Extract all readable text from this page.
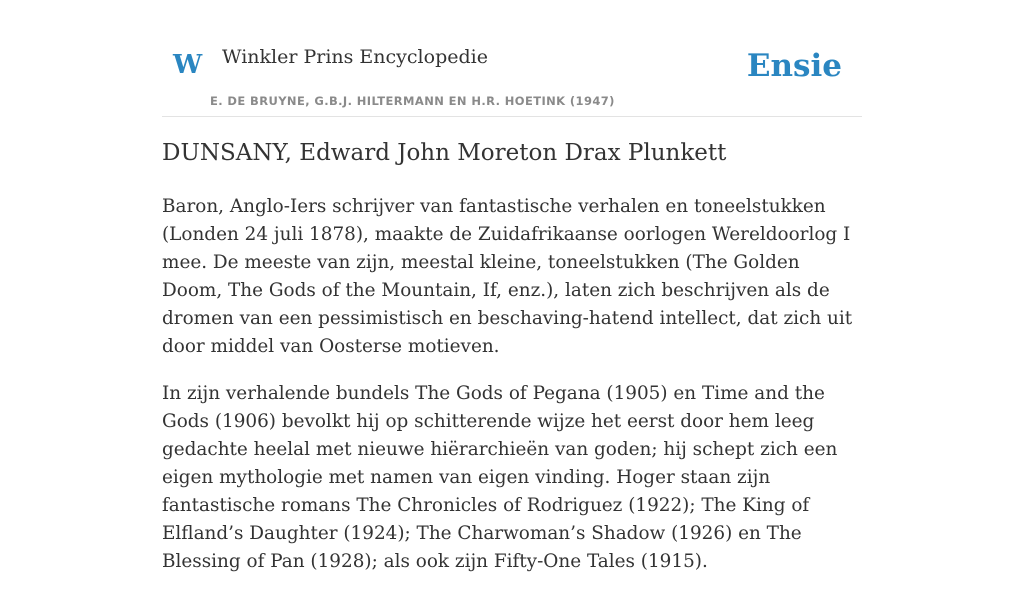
W Winkler Prins Encyclopedie
E. DE BRUYNE, G.B.J. HILTERMANN EN H.R. HOETINK (1947)
Ensie
DUNSANY, Edward John Moreton Drax Plunkett

Baron, Anglo-Iers schrijver van fantastische verhalen en toneelstukken (Londen 24 juli 1878), maakte de Zuidafrikaanse oorlogen Wereldoorlog I mee. De meeste van zijn, meestal kleine, toneelstukken (The Golden Doom, The Gods of the Mountain, If, enz.), laten zich beschrijven als de dromen van een pessimistisch en beschaving-hatend intellect, dat zich uit door middel van Oosterse motieven.

In zijn verhalende bundels The Gods of Pegana (1905) en Time and the Gods (1906) bevolkt hij op schitterende wijze het eerst door hem leeg gedachte heelal met nieuwe hiërarchieën van goden; hij schept zich een eigen mythologie met namen van eigen vinding. Hoger staan zijn fantastische romans The Chronicles of Rodriguez (1922); The King of Elfland’s Daughter (1924); The Charwoman’s Shadow (1926) en The Blessing of Pan (1928); als ook zijn Fifty-One Tales (1915).
